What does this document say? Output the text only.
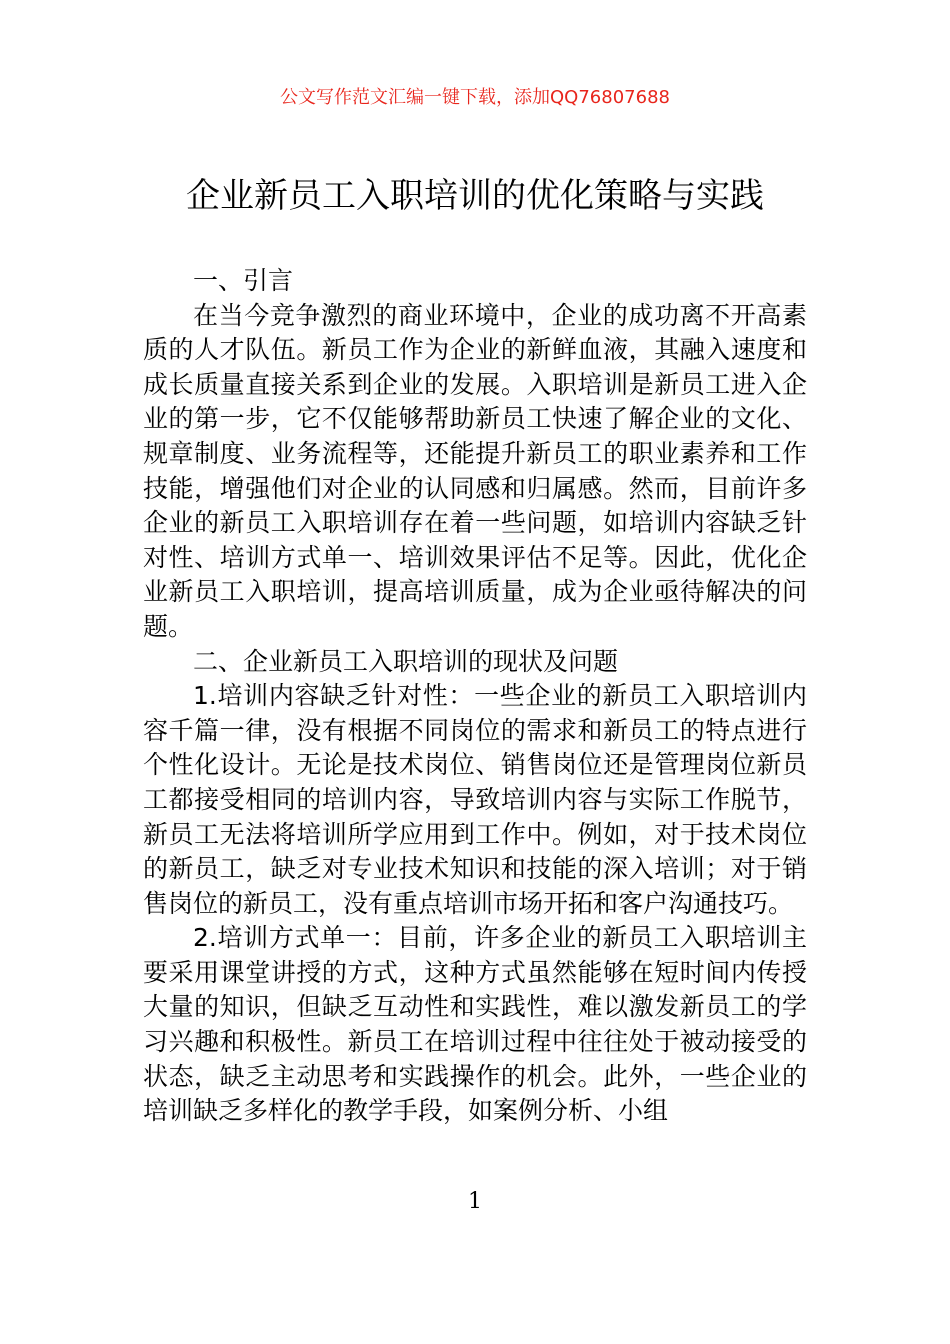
公文写作范文汇编一键下载，添加QQ76807688
企业新员工入职培训的优化策略与实践

一、引言

在当今竞争激烈的商业环境中，企业的成功离不开高素质的人才队伍。新员工作为企业的新鲜血液，其融入速度和成长质量直接关系到企业的发展。入职培训是新员工进入企业的第一步，它不仅能够帮助新员工快速了解企业的文化、规章制度、业务流程等，还能提升新员工的职业素养和工作技能，增强他们对企业的认同感和归属感。然而，目前许多企业的新员工入职培训存在着一些问题，如培训内容缺乏针对性、培训方式单一、培训效果评估不足等。因此，优化企业新员工入职培训，提高培训质量，成为企业亟待解决的问题。

二、企业新员工入职培训的现状及问题

1.培训内容缺乏针对性：一些企业的新员工入职培训内容千篇一律，没有根据不同岗位的需求和新员工的特点进行个性化设计。无论是技术岗位、销售岗位还是管理岗位新员工都接受相同的培训内容，导致培训内容与实际工作脱节，新员工无法将培训所学应用到工作中。例如，对于技术岗位的新员工，缺乏对专业技术知识和技能的深入培训；对于销售岗位的新员工，没有重点培训市场开拓和客户沟通技巧。

2.培训方式单一：目前，许多企业的新员工入职培训主要采用课堂讲授的方式，这种方式虽然能够在短时间内传授大量的知识，但缺乏互动性和实践性，难以激发新员工的学习兴趣和积极性。新员工在培训过程中往往处于被动接受的状态，缺乏主动思考和实践操作的机会。此外，一些企业的培训缺乏多样化的教学手段，如案例分析、小组

1
